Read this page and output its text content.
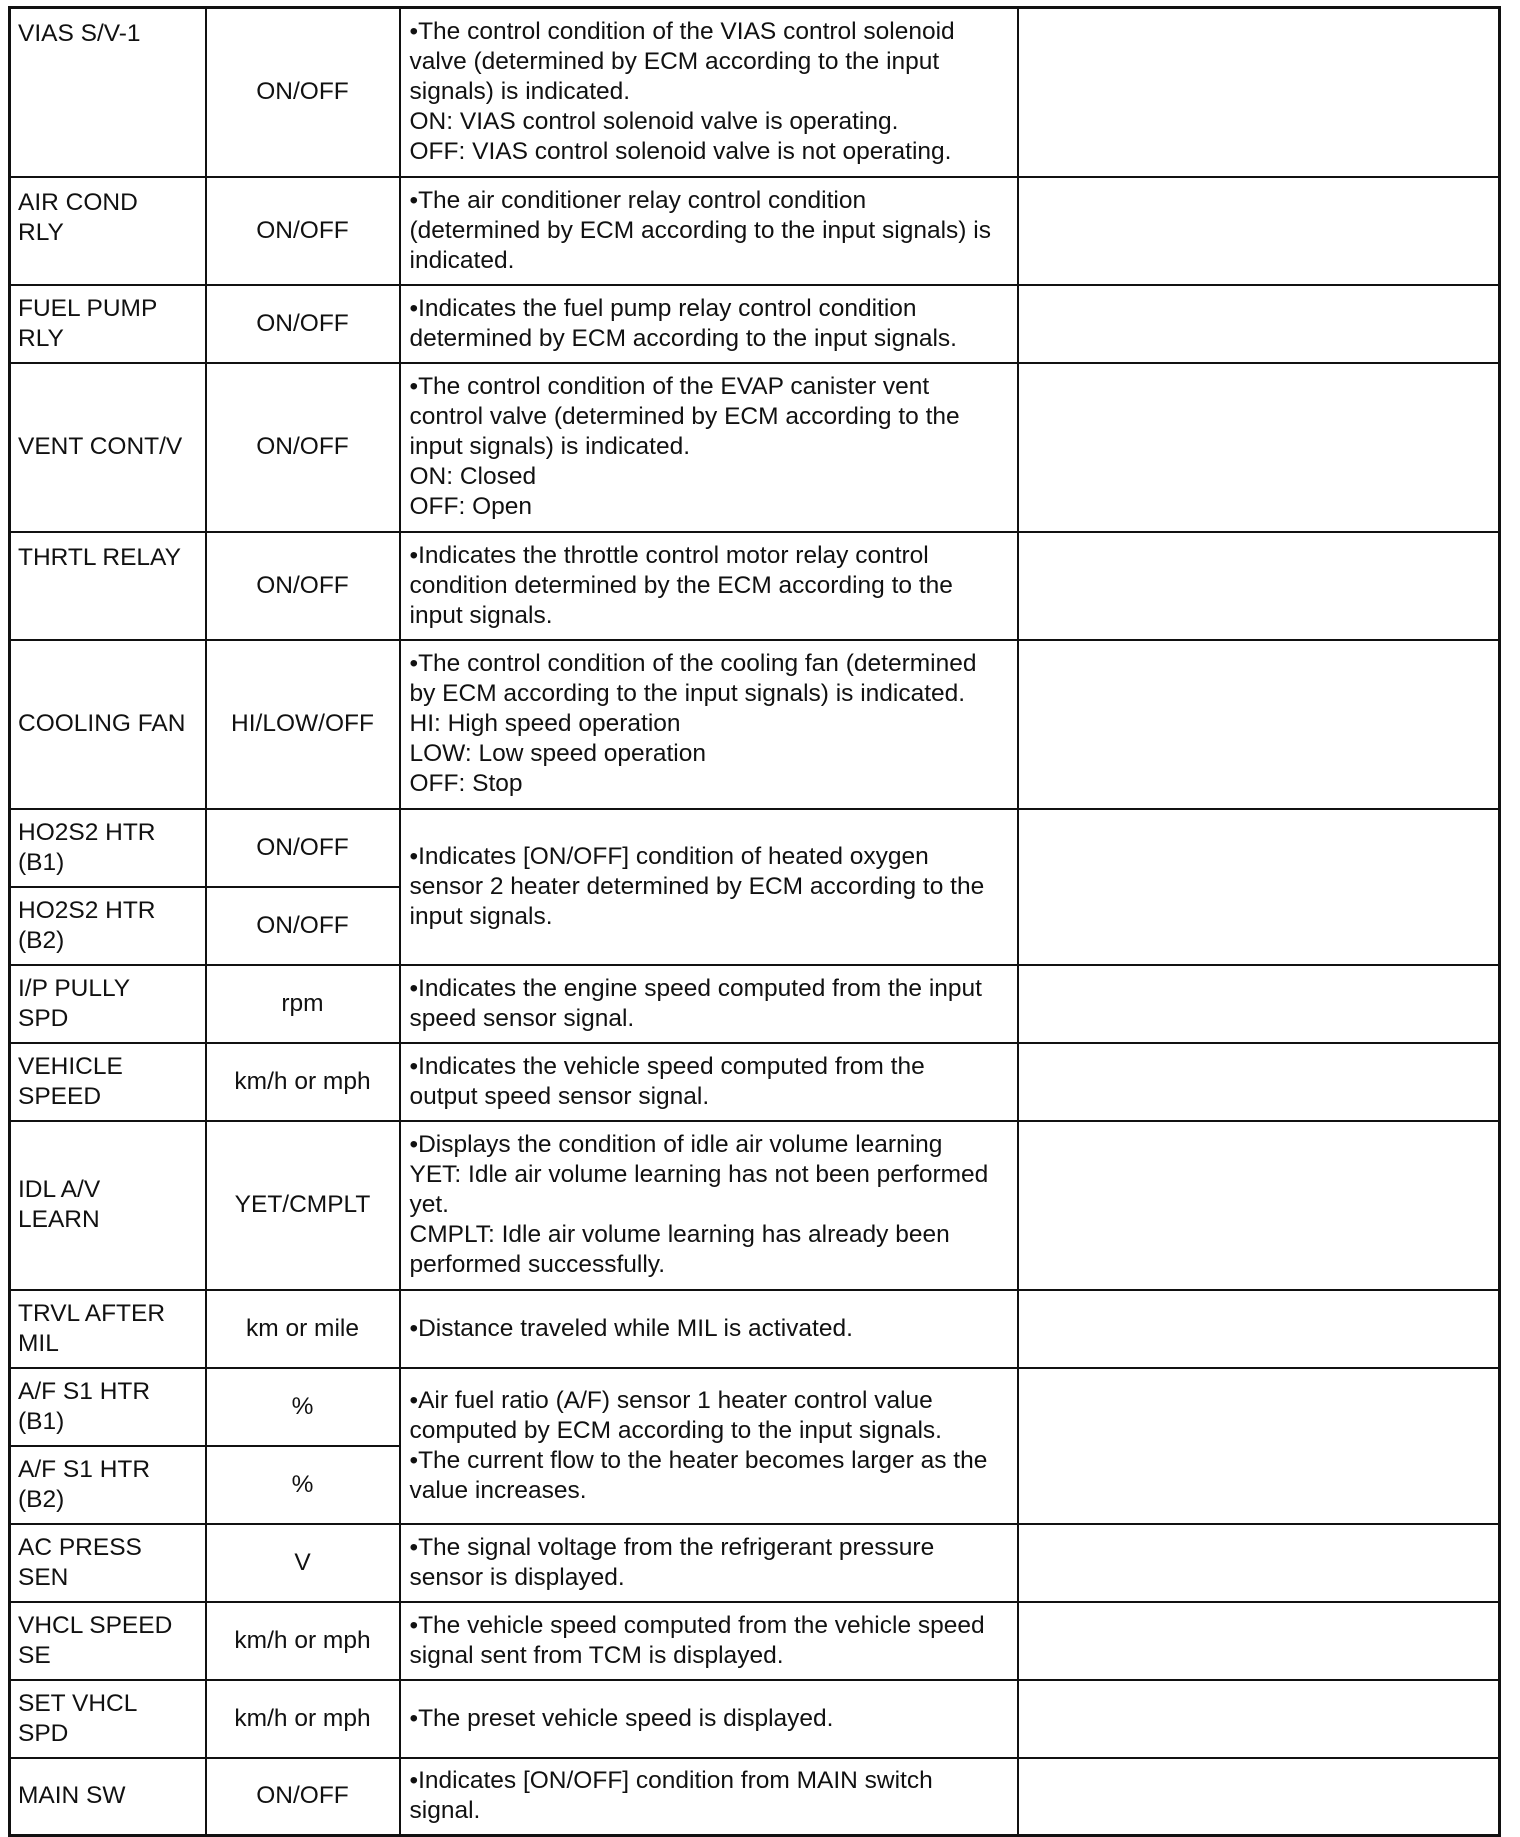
VIAS S/V-1	ON/OFF	•The control condition of the VIAS control solenoid
valve (determined by ECM according to the input
signals) is indicated.
ON: VIAS control solenoid valve is operating.
OFF: VIAS control solenoid valve is not operating.	

AIR COND
RLY	ON/OFF	•The air conditioner relay control condition
(determined by ECM according to the input signals) is
indicated.	

FUEL PUMP
RLY	ON/OFF	•Indicates the fuel pump relay control condition
determined by ECM according to the input signals.	

VENT CONT/V	ON/OFF	•The control condition of the EVAP canister vent
control valve (determined by ECM according to the
input signals) is indicated.
ON: Closed
OFF: Open	

THRTL RELAY	ON/OFF	•Indicates the throttle control motor relay control
condition determined by the ECM according to the
input signals.	

COOLING FAN	HI/LOW/OFF	•The control condition of the cooling fan (determined
by ECM according to the input signals) is indicated.
HI: High speed operation
LOW: Low speed operation
OFF: Stop	

HO2S2 HTR
(B1)	ON/OFF	•Indicates [ON/OFF] condition of heated oxygen
sensor 2 heater determined by ECM according to the
input signals.	

HO2S2 HTR
(B2)	ON/OFF		

I/P PULLY
SPD	rpm	•Indicates the engine speed computed from the input
speed sensor signal.	

VEHICLE
SPEED	km/h or mph	•Indicates the vehicle speed computed from the
output speed sensor signal.	

IDL A/V
LEARN	YET/CMPLT	•Displays the condition of idle air volume learning
YET: Idle air volume learning has not been performed
yet.
CMPLT: Idle air volume learning has already been
performed successfully.	

TRVL AFTER
MIL	km or mile	•Distance traveled while MIL is activated.	

A/F S1 HTR
(B1)	%	•Air fuel ratio (A/F) sensor 1 heater control value
computed by ECM according to the input signals.
•The current flow to the heater becomes larger as the
value increases.	

A/F S1 HTR
(B2)	%		

AC PRESS
SEN	V	•The signal voltage from the refrigerant pressure
sensor is displayed.	

VHCL SPEED
SE	km/h or mph	•The vehicle speed computed from the vehicle speed
signal sent from TCM is displayed.	

SET VHCL
SPD	km/h or mph	•The preset vehicle speed is displayed.	

MAIN SW	ON/OFF	•Indicates [ON/OFF] condition from MAIN switch
signal.	
